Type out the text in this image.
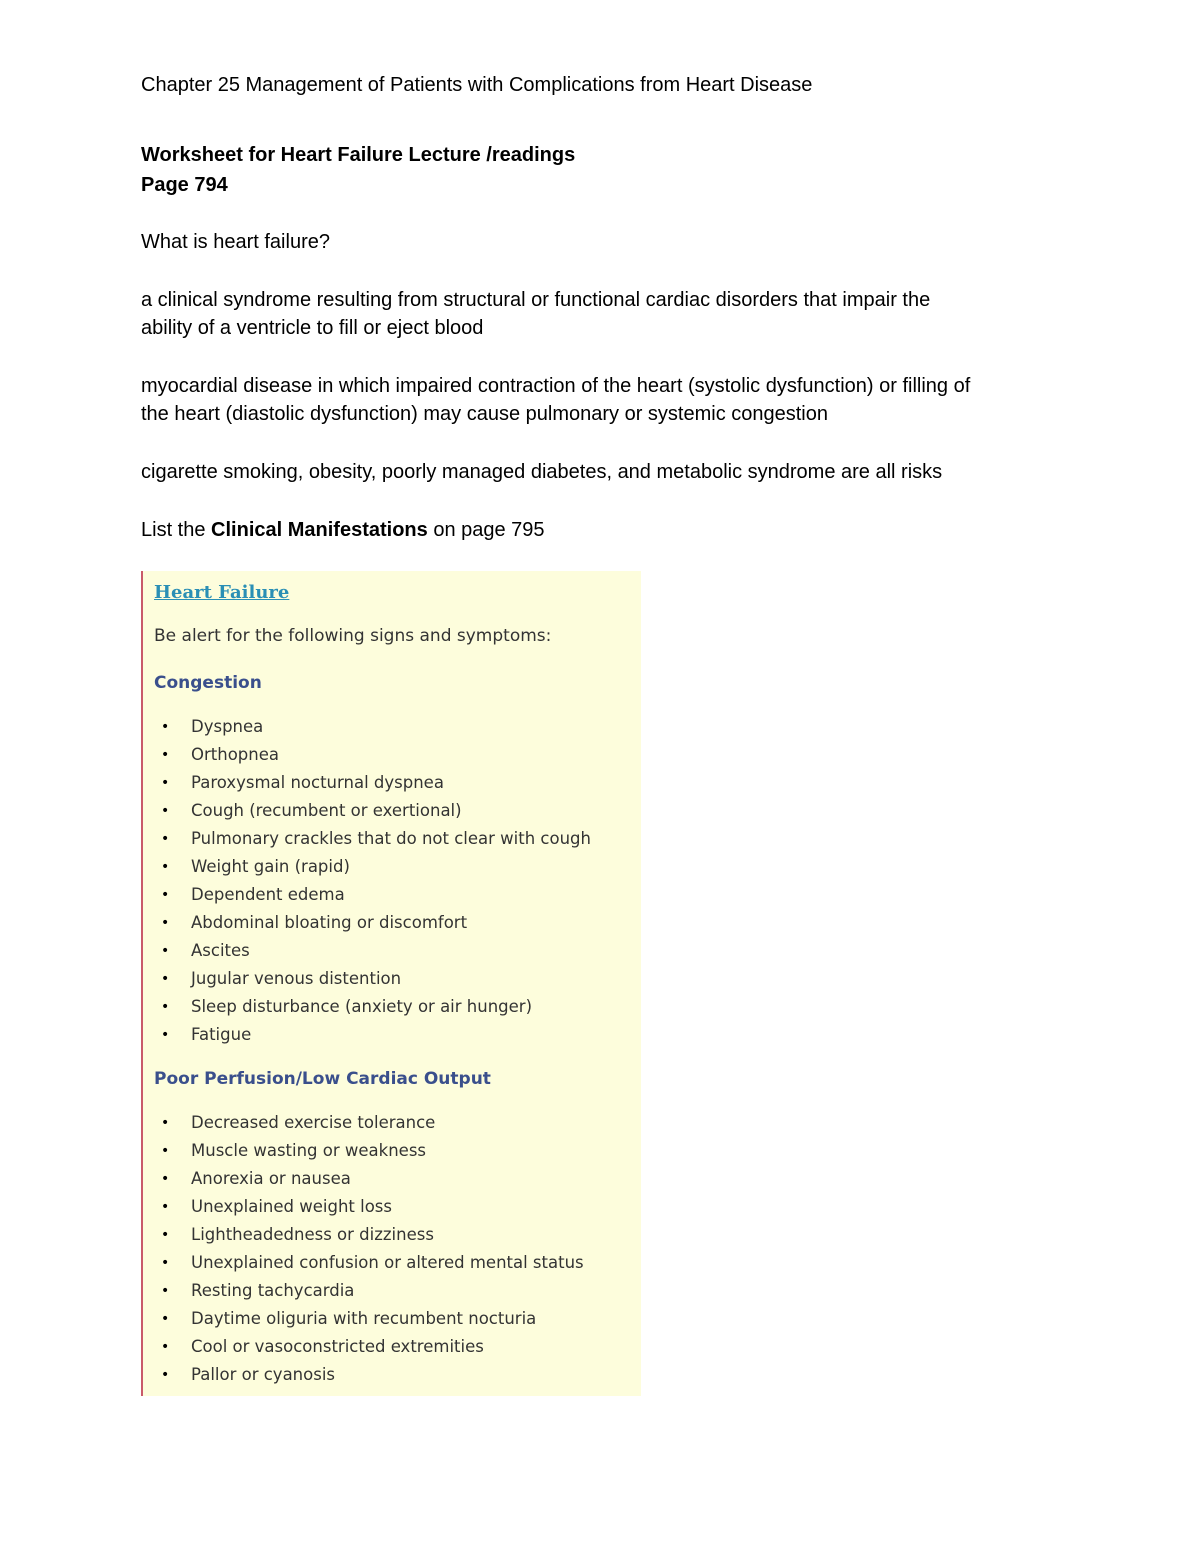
Chapter 25 Management of Patients with Complications from Heart Disease
Worksheet for Heart Failure Lecture /readings
Page 794
What is heart failure?
a clinical syndrome resulting from structural or functional cardiac disorders that impair the
ability of a ventricle to fill or eject blood
myocardial disease in which impaired contraction of the heart (systolic dysfunction) or filling of
the heart (diastolic dysfunction) may cause pulmonary or systemic congestion
cigarette smoking, obesity, poorly managed diabetes, and metabolic syndrome are all risks
List the Clinical Manifestations on page 795
Heart Failure
Be alert for the following signs and symptoms:
Congestion
• Dyspnea
• Orthopnea
• Paroxysmal nocturnal dyspnea
• Cough (recumbent or exertional)
• Pulmonary crackles that do not clear with cough
• Weight gain (rapid)
• Dependent edema
• Abdominal bloating or discomfort
• Ascites
• Jugular venous distention
• Sleep disturbance (anxiety or air hunger)
• Fatigue
Poor Perfusion/Low Cardiac Output
• Decreased exercise tolerance
• Muscle wasting or weakness
• Anorexia or nausea
• Unexplained weight loss
• Lightheadedness or dizziness
• Unexplained confusion or altered mental status
• Resting tachycardia
• Daytime oliguria with recumbent nocturia
• Cool or vasoconstricted extremities
• Pallor or cyanosis
